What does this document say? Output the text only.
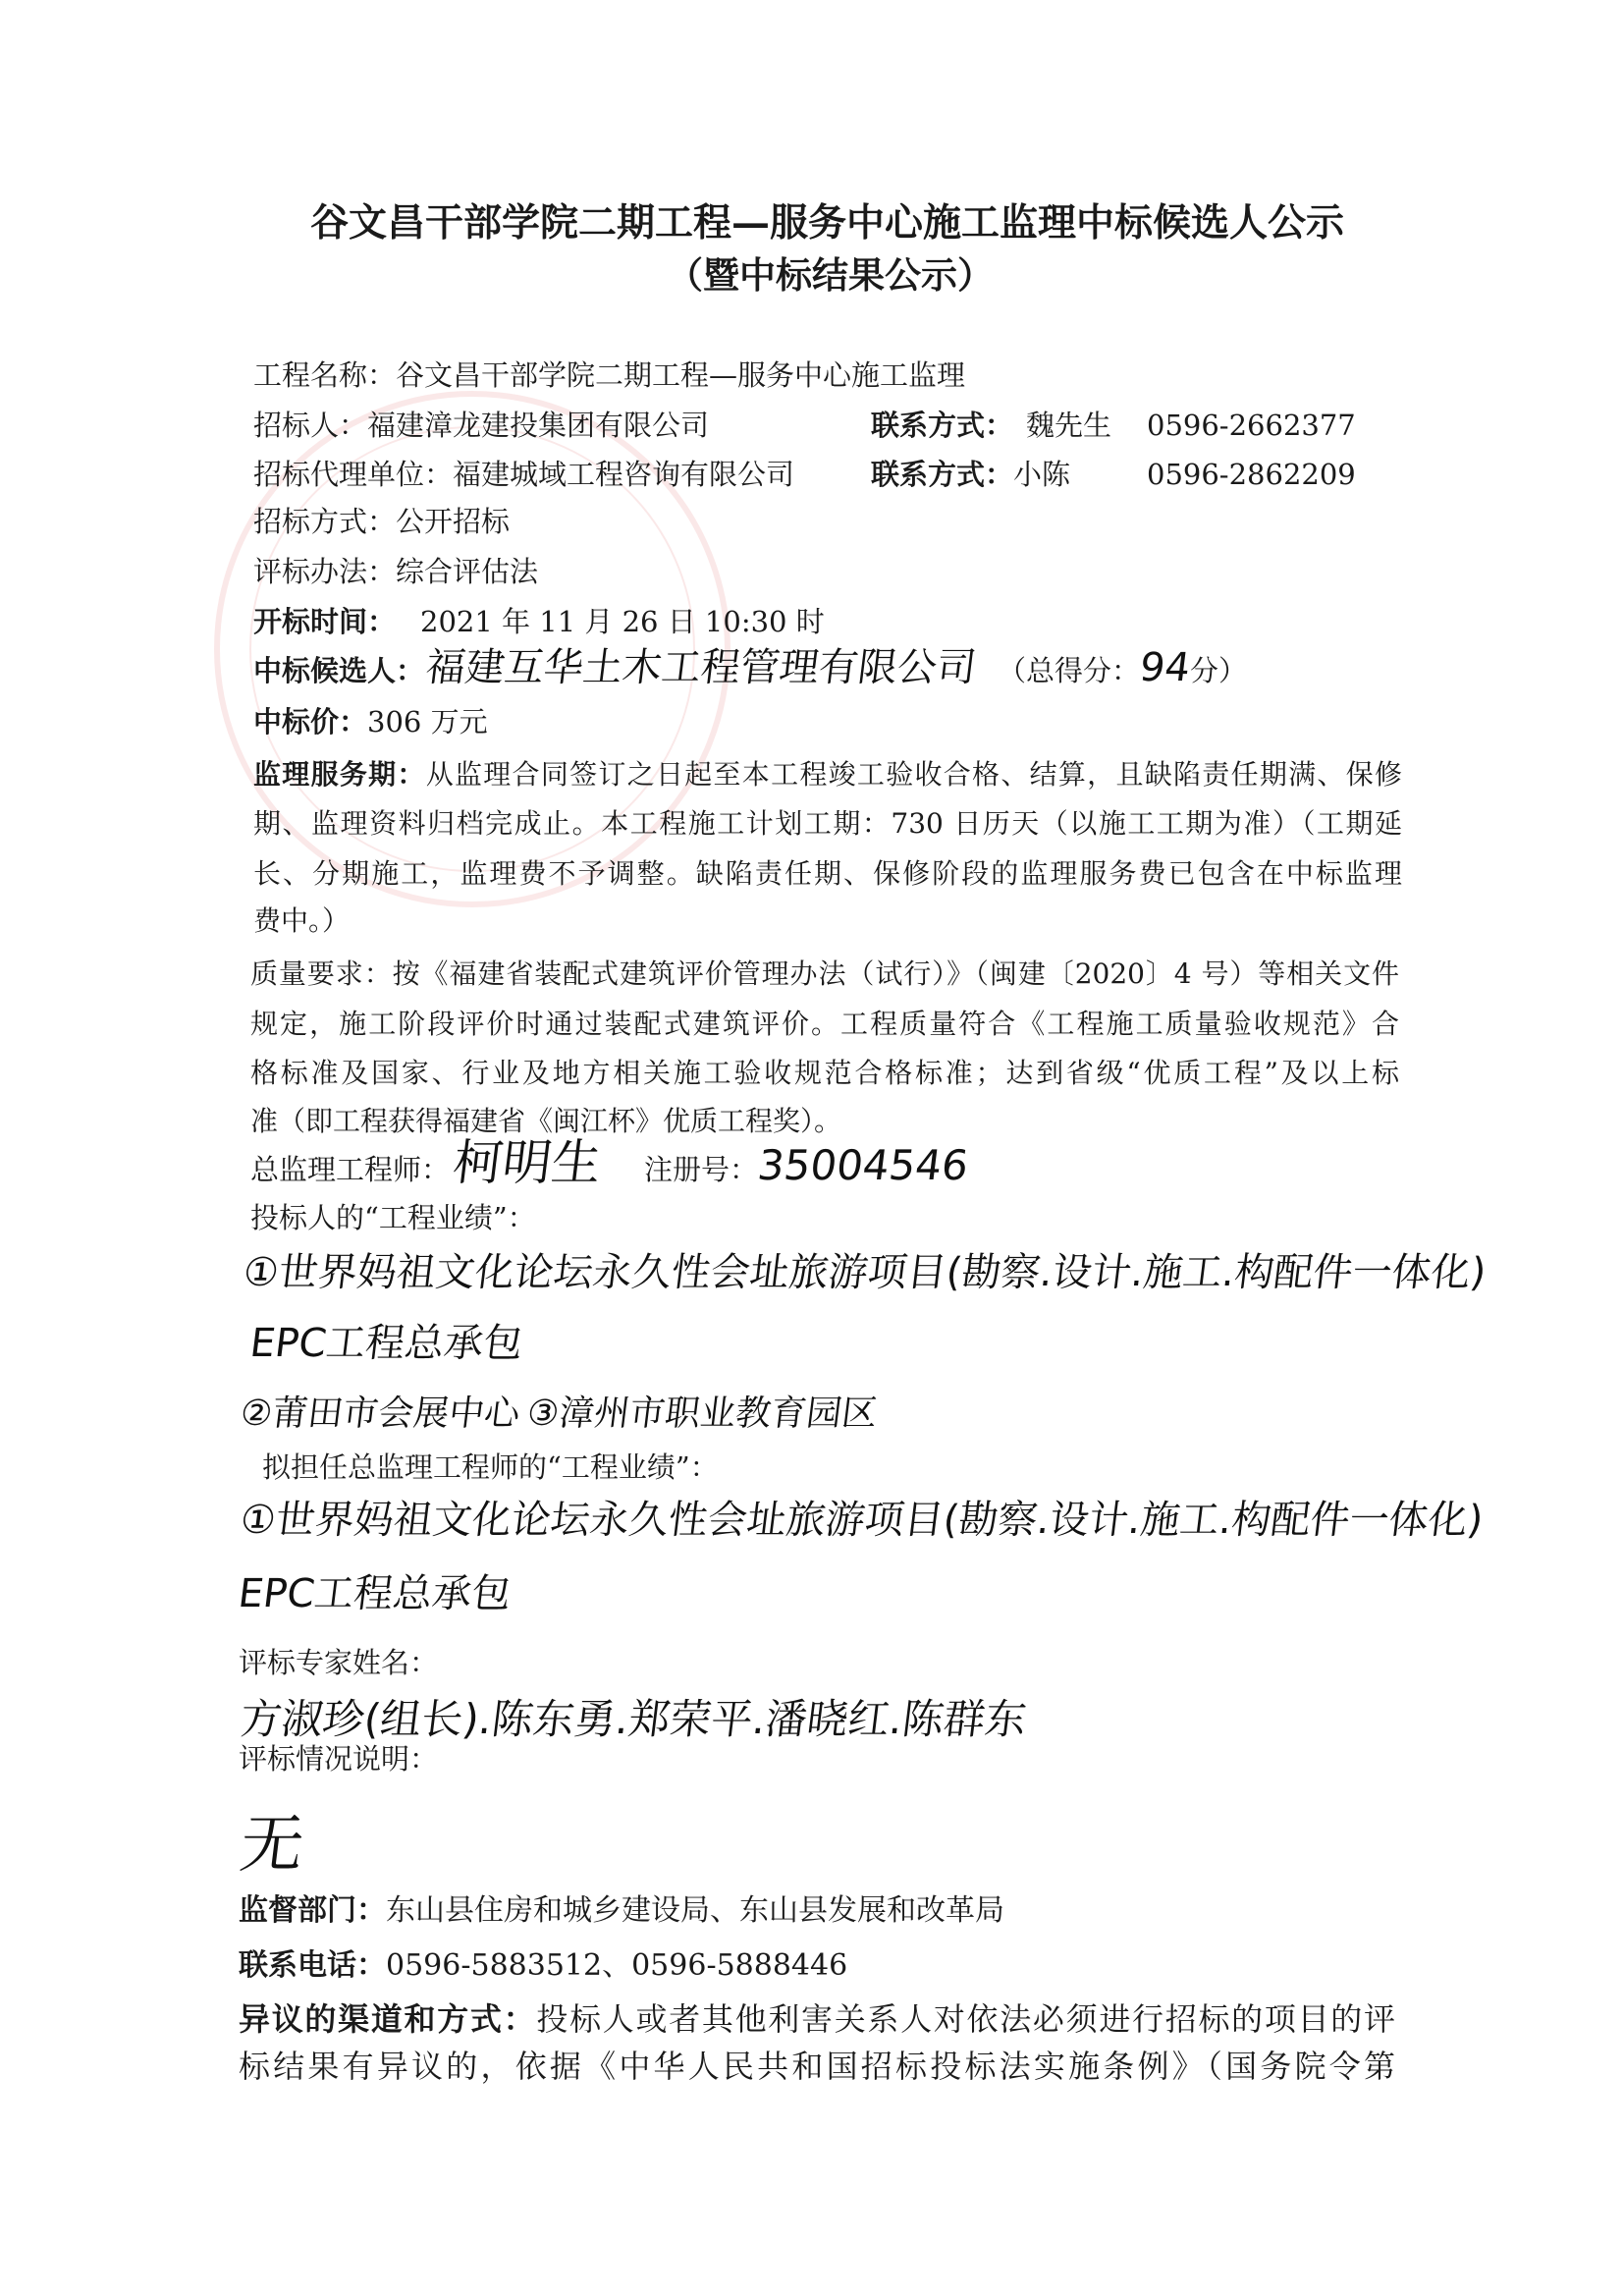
谷文昌干部学院二期工程—服务中心施工监理中标候选人公示
（暨中标结果公示）
工程名称：谷文昌干部学院二期工程—服务中心施工监理
招标人：福建漳龙建投集团有限公司	联系方式： 魏先生 0596-2662377
招标代理单位：福建城域工程咨询有限公司	联系方式：小陈	0596-2862209
招标方式：公开招标
评标办法：综合评估法
开标时间： 2021 年 11 月 26 日 10:30 时
中标候选人：福建互华土木工程管理有限公司 （总得分：94分）
中标价：306 万元
监理服务期：从监理合同签订之日起至本工程竣工验收合格、结算，且缺陷责任期满、保修
期、监理资料归档完成止。本工程施工计划工期：730 日历天（以施工工期为准）（工期延
长、分期施工，监理费不予调整。缺陷责任期、保修阶段的监理服务费已包含在中标监理
费中。）
质量要求：按《福建省装配式建筑评价管理办法（试行）》（闽建〔2020〕4 号）等相关文件
规定，施工阶段评价时通过装配式建筑评价。工程质量符合《工程施工质量验收规范》合
格标准及国家、行业及地方相关施工验收规范合格标准；达到省级“优质工程”及以上标
准（即工程获得福建省《闽江杯》优质工程奖）。
总监理工程师：柯明生 注册号：35004546
投标人的“工程业绩”：
①世界妈祖文化论坛永久性会址旅游项目(勘察.设计.施工.构配件一体化)
EPC工程总承包
②莆田市会展中心③漳州市职业教育园区
拟担任总监理工程师的“工程业绩”：
①世界妈祖文化论坛永久性会址旅游项目(勘察.设计.施工.构配件一体化)
EPC工程总承包
评标专家姓名：
方淑珍(组长).陈东勇.郑荣平.潘晓红.陈群东
评标情况说明：
无
监督部门：东山县住房和城乡建设局、东山县发展和改革局
联系电话：0596-5883512、0596-5888446
异议的渠道和方式：投标人或者其他利害关系人对依法必须进行招标的项目的评
标结果有异议的，依据《中华人民共和国招标投标法实施条例》（国务院令第
